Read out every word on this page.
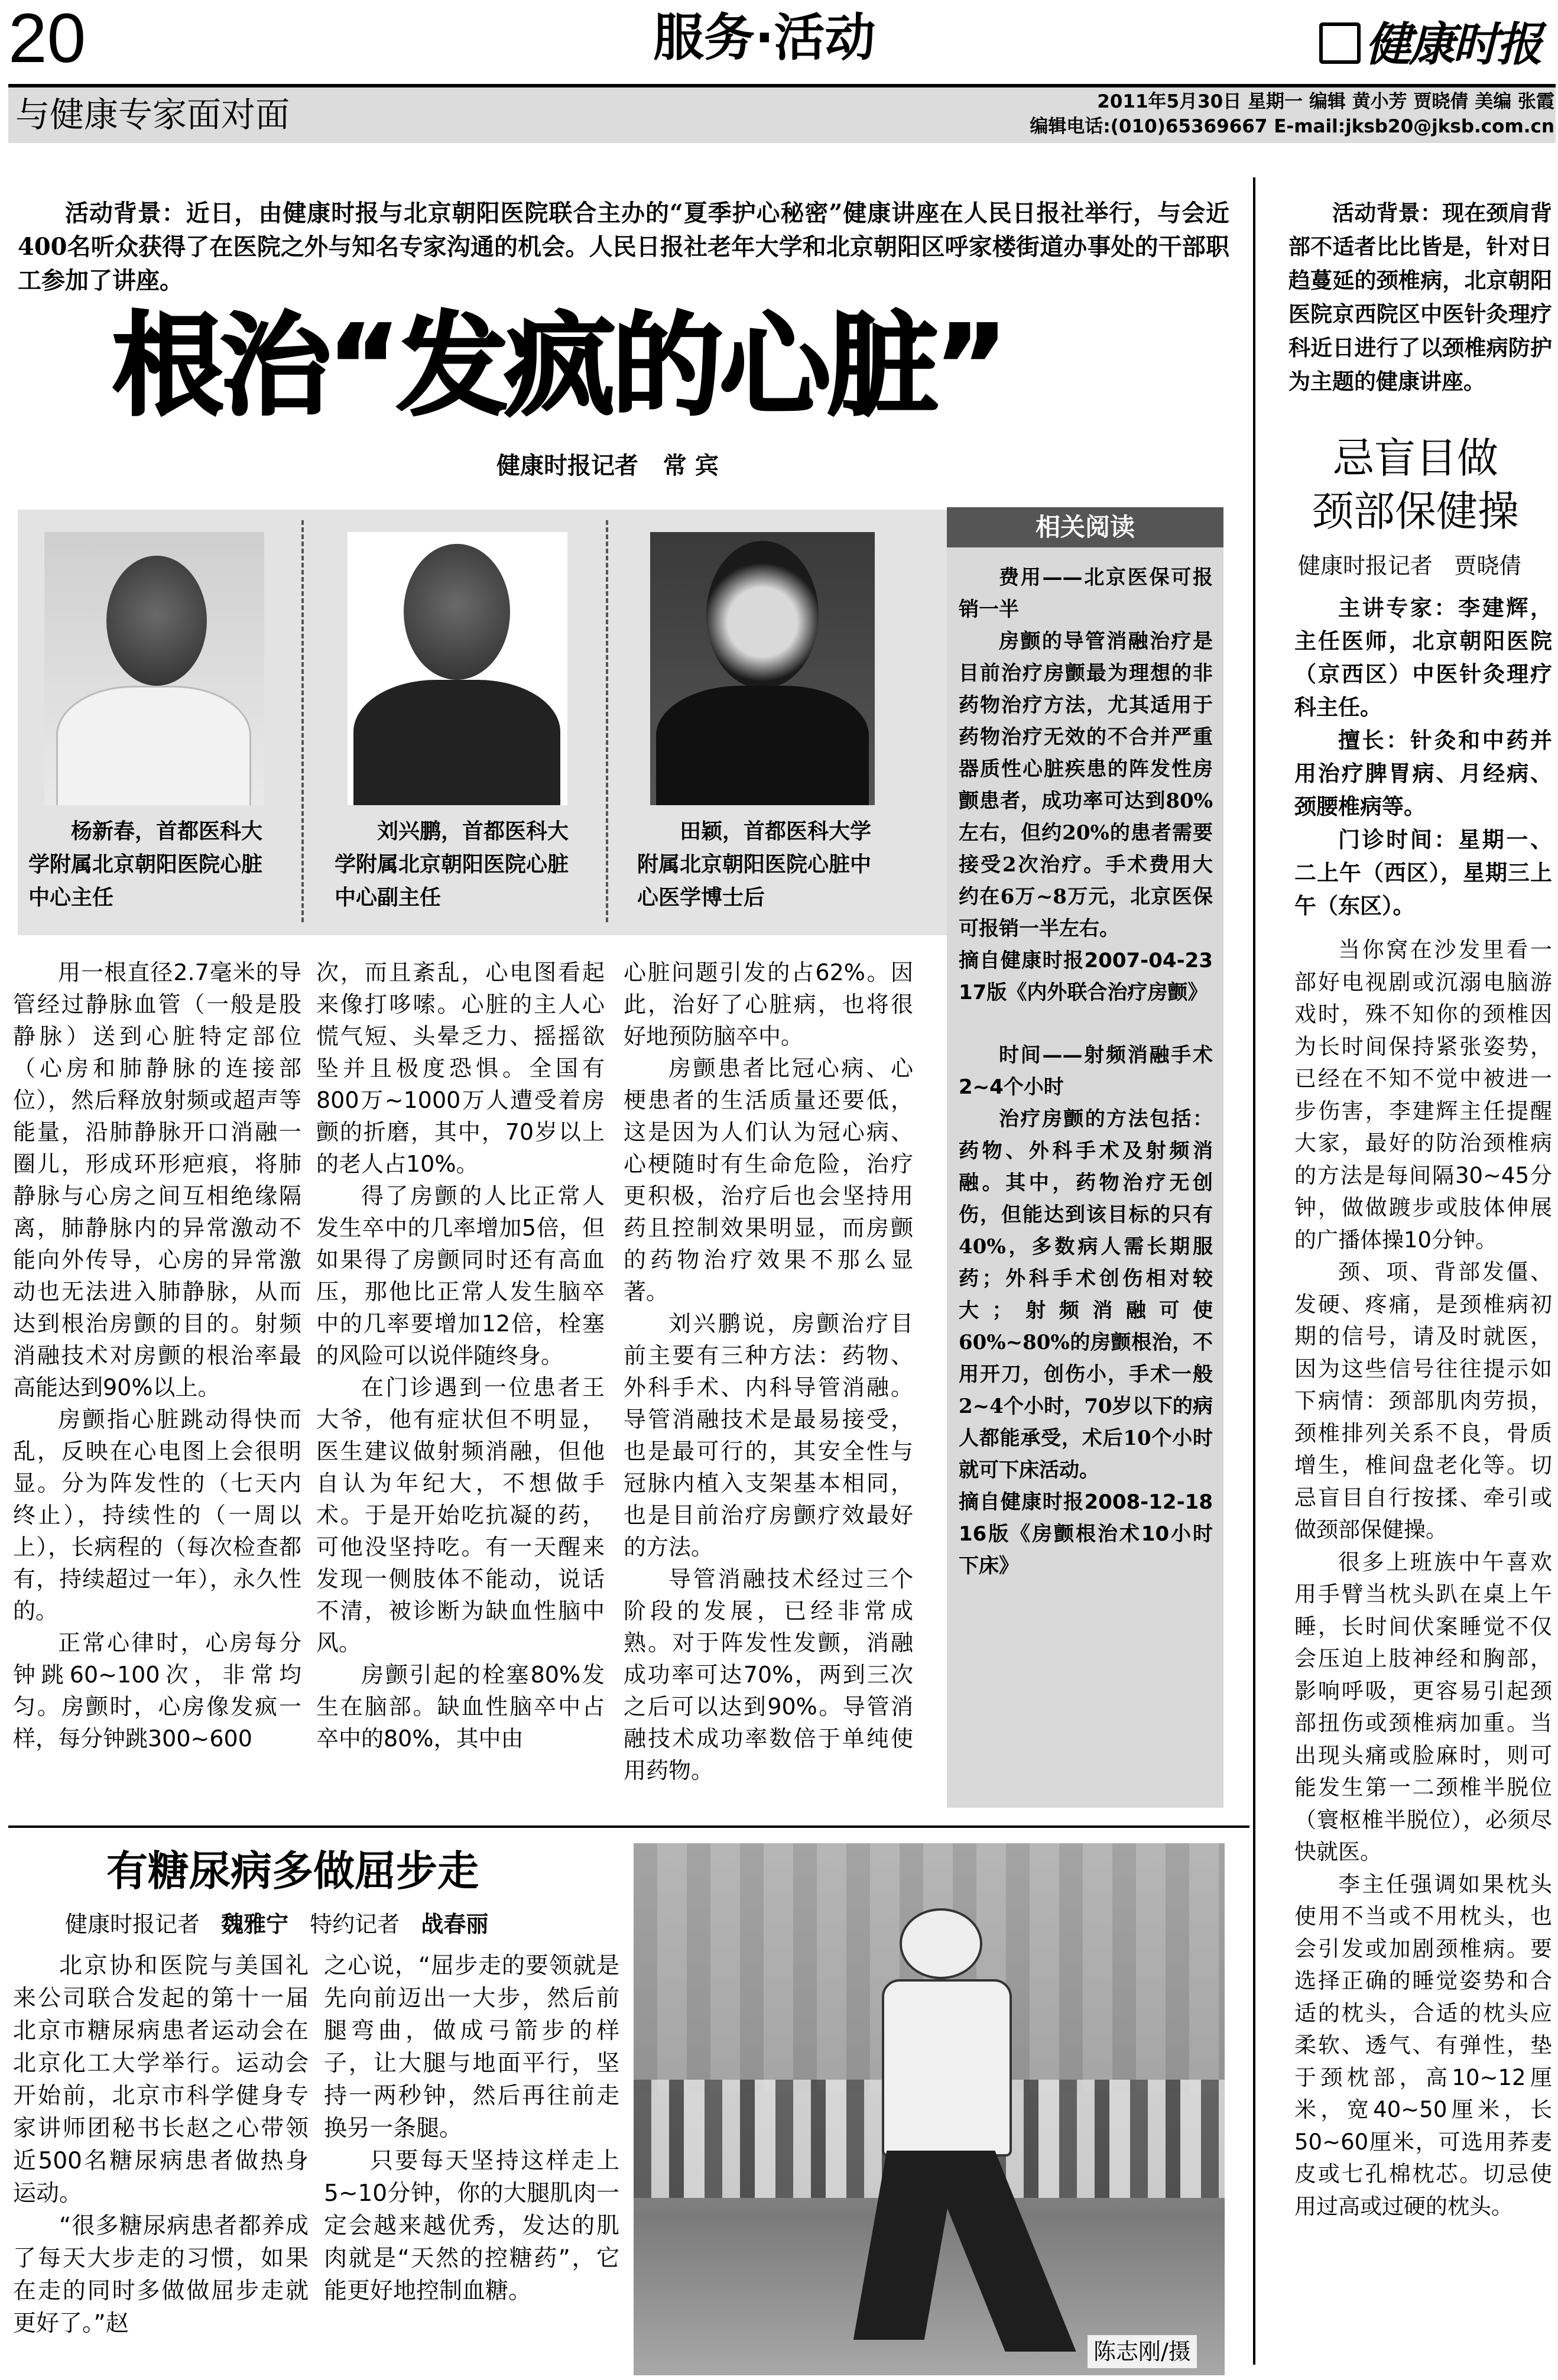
20	服务·活动	健康时报
与健康专家面对面	2011年5月30日 星期一 编辑 黄小芳 贾晓倩 美编 张霞
编辑电话:(010)65369667 E-mail:jksb20@jksb.com.cn
活动背景：近日，由健康时报与北京朝阳医院联合主办的“夏季护心秘密”健康讲座在人民日报社举行，与会近400名听众获得了在医院之外与知名专家沟通的机会。人民日报社老年大学和北京朝阳区呼家楼街道办事处的干部职工参加了讲座。
根治“发疯的心脏”
健康时报记者   常 宾
杨新春，首都医科大学附属北京朝阳医院心脏中心主任
刘兴鹏，首都医科大学附属北京朝阳医院心脏中心副主任
田颖，首都医科大学附属北京朝阳医院心脏中心医学博士后

用一根直径2.7毫米的导管经过静脉血管（一般是股静脉）送到心脏特定部位（心房和肺静脉的连接部位），然后释放射频或超声等能量，沿肺静脉开口消融一圈儿，形成环形疤痕，将肺静脉与心房之间互相绝缘隔离，肺静脉内的异常激动不能向外传导，心房的异常激动也无法进入肺静脉，从而达到根治房颤的目的。射频消融技术对房颤的根治率最高能达到90%以上。

房颤指心脏跳动得快而乱，反映在心电图上会很明显。分为阵发性的（七天内终止），持续性的（一周以上），长病程的（每次检查都有，持续超过一年），永久性的。

正常心律时，心房每分钟跳60~100次，非常均匀。房颤时，心房像发疯一样，每分钟跳300~600

次，而且紊乱，心电图看起来像打哆嗦。心脏的主人心慌气短、头晕乏力、摇摇欲坠并且极度恐惧。全国有800万~1000万人遭受着房颤的折磨，其中，70岁以上的老人占10%。

得了房颤的人比正常人发生卒中的几率增加5倍，但如果得了房颤同时还有高血压，那他比正常人发生脑卒中的几率要增加12倍，栓塞的风险可以说伴随终身。

在门诊遇到一位患者王大爷，他有症状但不明显，医生建议做射频消融，但他自认为年纪大，不想做手术。于是开始吃抗凝的药，可他没坚持吃。有一天醒来发现一侧肢体不能动，说话不清，被诊断为缺血性脑中风。

房颤引起的栓塞80%发生在脑部。缺血性脑卒中占卒中的80%，其中由

心脏问题引发的占62%。因此，治好了心脏病，也将很好地预防脑卒中。

房颤患者比冠心病、心梗患者的生活质量还要低，这是因为人们认为冠心病、心梗随时有生命危险，治疗更积极，治疗后也会坚持用药且控制效果明显，而房颤的药物治疗效果不那么显著。

刘兴鹏说，房颤治疗目前主要有三种方法：药物、外科手术、内科导管消融。导管消融技术是最易接受，也是最可行的，其安全性与冠脉内植入支架基本相同，也是目前治疗房颤疗效最好的方法。

导管消融技术经过三个阶段的发展，已经非常成熟。对于阵发性发颤，消融成功率可达70%，两到三次之后可以达到90%。导管消融技术成功率数倍于单纯使用药物。

相关阅读
费用——北京医保可报销一半

房颤的导管消融治疗是目前治疗房颤最为理想的非药物治疗方法，尤其适用于药物治疗无效的不合并严重器质性心脏疾患的阵发性房颤患者，成功率可达到80%左右，但约20%的患者需要接受2次治疗。手术费用大约在6万~8万元，北京医保可报销一半左右。

摘自健康时报2007-04-23 17版《内外联合治疗房颤》
时间——射频消融手术2~4个小时

治疗房颤的方法包括：药物、外科手术及射频消融。其中，药物治疗无创伤，但能达到该目标的只有40%，多数病人需长期服药；外科手术创伤相对较大；射频消融可使60%~80%的房颤根治，不用开刀，创伤小，手术一般2~4个小时，70岁以下的病人都能承受，术后10个小时就可下床活动。

摘自健康时报2008-12-18 16版《房颤根治术10小时下床》
有糖尿病多做屈步走
健康时报记者 魏雅宁 特约记者 战春丽

北京协和医院与美国礼来公司联合发起的第十一届北京市糖尿病患者运动会在北京化工大学举行。运动会开始前，北京市科学健身专家讲师团秘书长赵之心带领近500名糖尿病患者做热身运动。

“很多糖尿病患者都养成了每天大步走的习惯，如果在走的同时多做做屈步走就更好了。”赵

之心说，“屈步走的要领就是先向前迈出一大步，然后前腿弯曲，做成弓箭步的样子，让大腿与地面平行，坚持一两秒钟，然后再往前走换另一条腿。

只要每天坚持这样走上5~10分钟，你的大腿肌肉一定会越来越优秀，发达的肌肉就是“天然的控糖药”，它能更好地控制血糖。

陈志刚/摄
活动背景：现在颈肩背部不适者比比皆是，针对日趋蔓延的颈椎病，北京朝阳医院京西院区中医针灸理疗科近日进行了以颈椎病防护为主题的健康讲座。
忌盲目做
颈部保健操
健康时报记者   贾晓倩

主讲专家：李建辉，主任医师，北京朝阳医院（京西区）中医针灸理疗科主任。

擅长：针灸和中药并用治疗脾胃病、月经病、颈腰椎病等。

门诊时间：星期一、二上午（西区），星期三上午（东区）。

当你窝在沙发里看一部好电视剧或沉溺电脑游戏时，殊不知你的颈椎因为长时间保持紧张姿势，已经在不知不觉中被进一步伤害，李建辉主任提醒大家，最好的防治颈椎病的方法是每间隔30~45分钟，做做踱步或肢体伸展的广播体操10分钟。

颈、项、背部发僵、发硬、疼痛，是颈椎病初期的信号，请及时就医，因为这些信号往往提示如下病情：颈部肌肉劳损，颈椎排列关系不良，骨质增生，椎间盘老化等。切忌盲目自行按揉、牵引或做颈部保健操。

很多上班族中午喜欢用手臂当枕头趴在桌上午睡，长时间伏案睡觉不仅会压迫上肢神经和胸部，影响呼吸，更容易引起颈部扭伤或颈椎病加重。当出现头痛或脸麻时，则可能发生第一二颈椎半脱位（寰枢椎半脱位），必须尽快就医。

李主任强调如果枕头使用不当或不用枕头，也会引发或加剧颈椎病。要选择正确的睡觉姿势和合适的枕头，合适的枕头应柔软、透气、有弹性，垫于颈枕部，高10~12厘米，宽40~50厘米，长50~60厘米，可选用荞麦皮或七孔棉枕芯。切忌使用过高或过硬的枕头。
